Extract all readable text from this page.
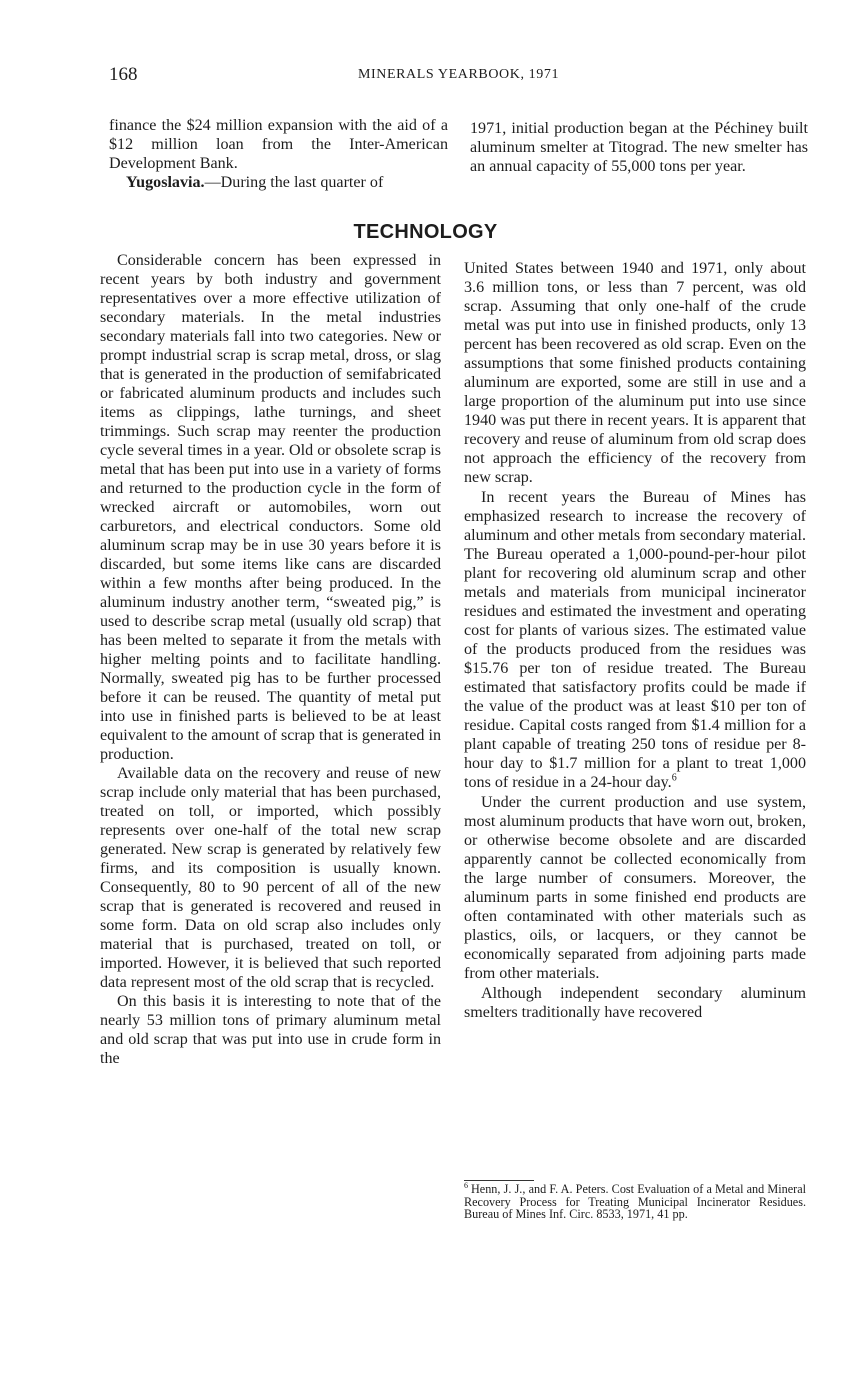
168	MINERALS YEARBOOK, 1971

finance the $24 million expansion with the aid of a $12 million loan from the Inter-American Development Bank.

Yugoslavia.—During the last quarter of

1971, initial production began at the Péchiney built aluminum smelter at Titograd. The new smelter has an annual capacity of 55,000 tons per year.

TECHNOLOGY

Considerable concern has been expressed in recent years by both industry and government representatives over a more effective utilization of secondary materials. In the metal industries secondary materials fall into two categories. New or prompt industrial scrap is scrap metal, dross, or slag that is generated in the production of semifabricated or fabricated aluminum products and includes such items as clippings, lathe turnings, and sheet trimmings. Such scrap may reenter the production cycle several times in a year. Old or obsolete scrap is metal that has been put into use in a variety of forms and returned to the production cycle in the form of wrecked aircraft or automobiles, worn out carburetors, and electrical conductors. Some old aluminum scrap may be in use 30 years before it is discarded, but some items like cans are discarded within a few months after being produced. In the aluminum industry another term, “sweated pig,” is used to describe scrap metal (usually old scrap) that has been melted to separate it from the metals with higher melting points and to facilitate handling. Normally, sweated pig has to be further processed before it can be reused. The quantity of metal put into use in finished parts is believed to be at least equivalent to the amount of scrap that is generated in production.

Available data on the recovery and reuse of new scrap include only material that has been purchased, treated on toll, or imported, which possibly represents over one-half of the total new scrap generated. New scrap is generated by relatively few firms, and its composition is usually known. Consequently, 80 to 90 percent of all of the new scrap that is generated is recovered and reused in some form. Data on old scrap also includes only material that is purchased, treated on toll, or imported. However, it is believed that such reported data represent most of the old scrap that is recycled.

On this basis it is interesting to note that of the nearly 53 million tons of primary aluminum metal and old scrap that was put into use in crude form in the

United States between 1940 and 1971, only about 3.6 million tons, or less than 7 percent, was old scrap. Assuming that only one-half of the crude metal was put into use in finished products, only 13 percent has been recovered as old scrap. Even on the assumptions that some finished products containing aluminum are exported, some are still in use and a large proportion of the aluminum put into use since 1940 was put there in recent years. It is apparent that recovery and reuse of aluminum from old scrap does not approach the efficiency of the recovery from new scrap.

In recent years the Bureau of Mines has emphasized research to increase the recovery of aluminum and other metals from secondary material. The Bureau operated a 1,000-pound-per-hour pilot plant for recovering old aluminum scrap and other metals and materials from municipal incinerator residues and estimated the investment and operating cost for plants of various sizes. The estimated value of the products produced from the residues was $15.76 per ton of residue treated. The Bureau estimated that satisfactory profits could be made if the value of the product was at least $10 per ton of residue. Capital costs ranged from $1.4 million for a plant capable of treating 250 tons of residue per 8-hour day to $1.7 million for a plant to treat 1,000 tons of residue in a 24-hour day.$^6$

Under the current production and use system, most aluminum products that have worn out, broken, or otherwise become obsolete and are discarded apparently cannot be collected economically from the large number of consumers. Moreover, the aluminum parts in some finished end products are often contaminated with other materials such as plastics, oils, or lacquers, or they cannot be economically separated from adjoining parts made from other materials.

Although independent secondary aluminum smelters traditionally have recovered

$^6$ Henn, J. J., and F. A. Peters. Cost Evaluation of a Metal and Mineral Recovery Process for Treating Municipal Incinerator Residues. Bureau of Mines Inf. Circ. 8533, 1971, 41 pp.
